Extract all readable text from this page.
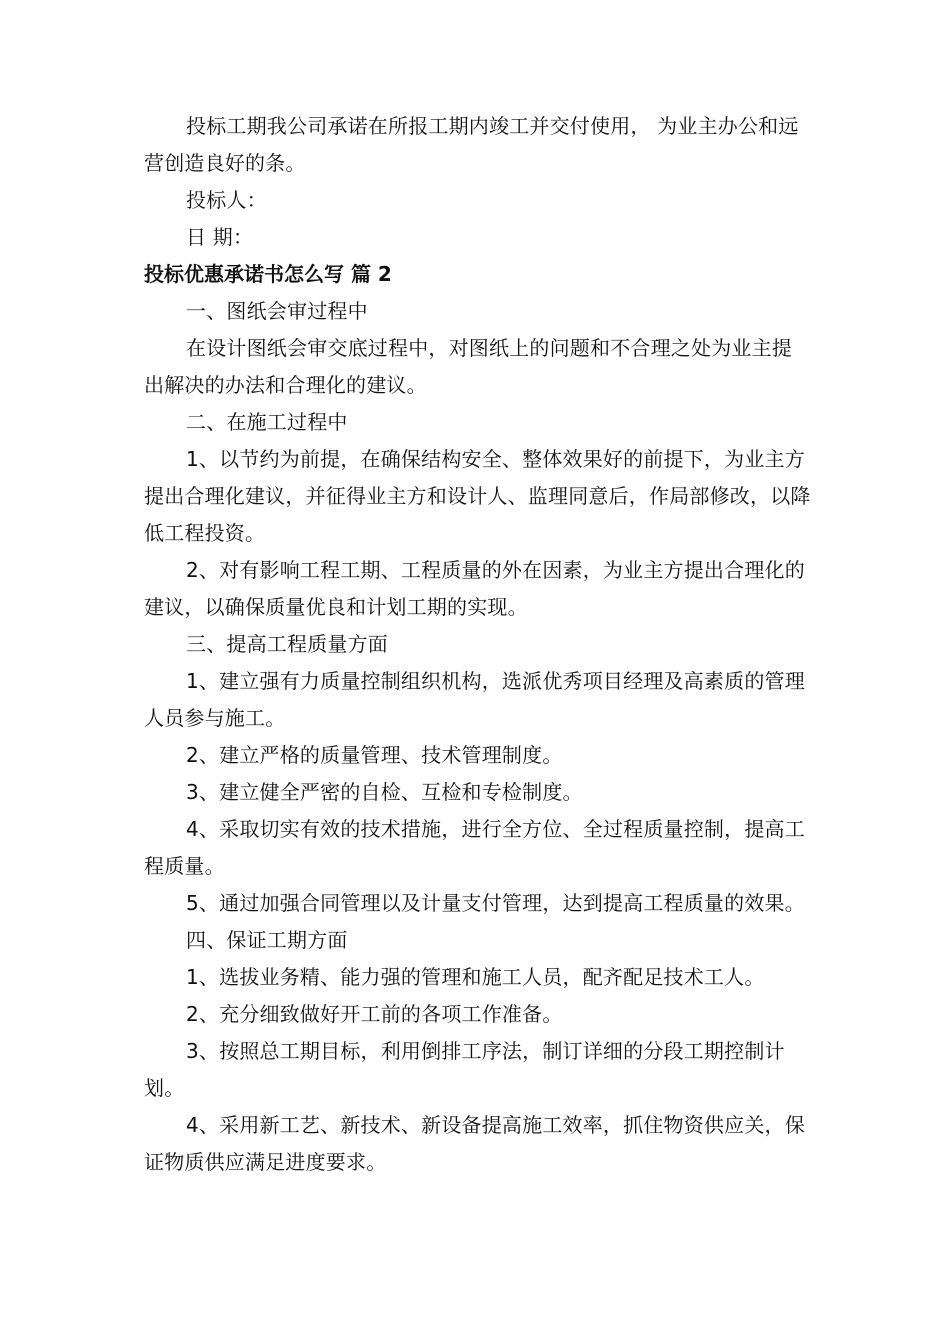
投标工期我公司承诺在所报工期内竣工并交付使用， 为业主办公和远营创造良好的条。

投标人：

日 期：

投标优惠承诺书怎么写 篇 2

一、图纸会审过程中

在设计图纸会审交底过程中，对图纸上的问题和不合理之处为业主提出解决的办法和合理化的建议。

二、在施工过程中

1、以节约为前提，在确保结构安全、整体效果好的前提下，为业主方提出合理化建议，并征得业主方和设计人、监理同意后，作局部修改，以降低工程投资。

2、对有影响工程工期、工程质量的外在因素，为业主方提出合理化的建议，以确保质量优良和计划工期的实现。

三、提高工程质量方面

1、建立强有力质量控制组织机构，选派优秀项目经理及高素质的管理人员参与施工。

2、建立严格的质量管理、技术管理制度。

3、建立健全严密的自检、互检和专检制度。

4、采取切实有效的技术措施，进行全方位、全过程质量控制，提高工程质量。

5、通过加强合同管理以及计量支付管理，达到提高工程质量的效果。

四、保证工期方面

1、选拔业务精、能力强的管理和施工人员，配齐配足技术工人。

2、充分细致做好开工前的各项工作准备。

3、按照总工期目标，利用倒排工序法，制订详细的分段工期控制计划。

4、采用新工艺、新技术、新设备提高施工效率，抓住物资供应关，保证物质供应满足进度要求。
